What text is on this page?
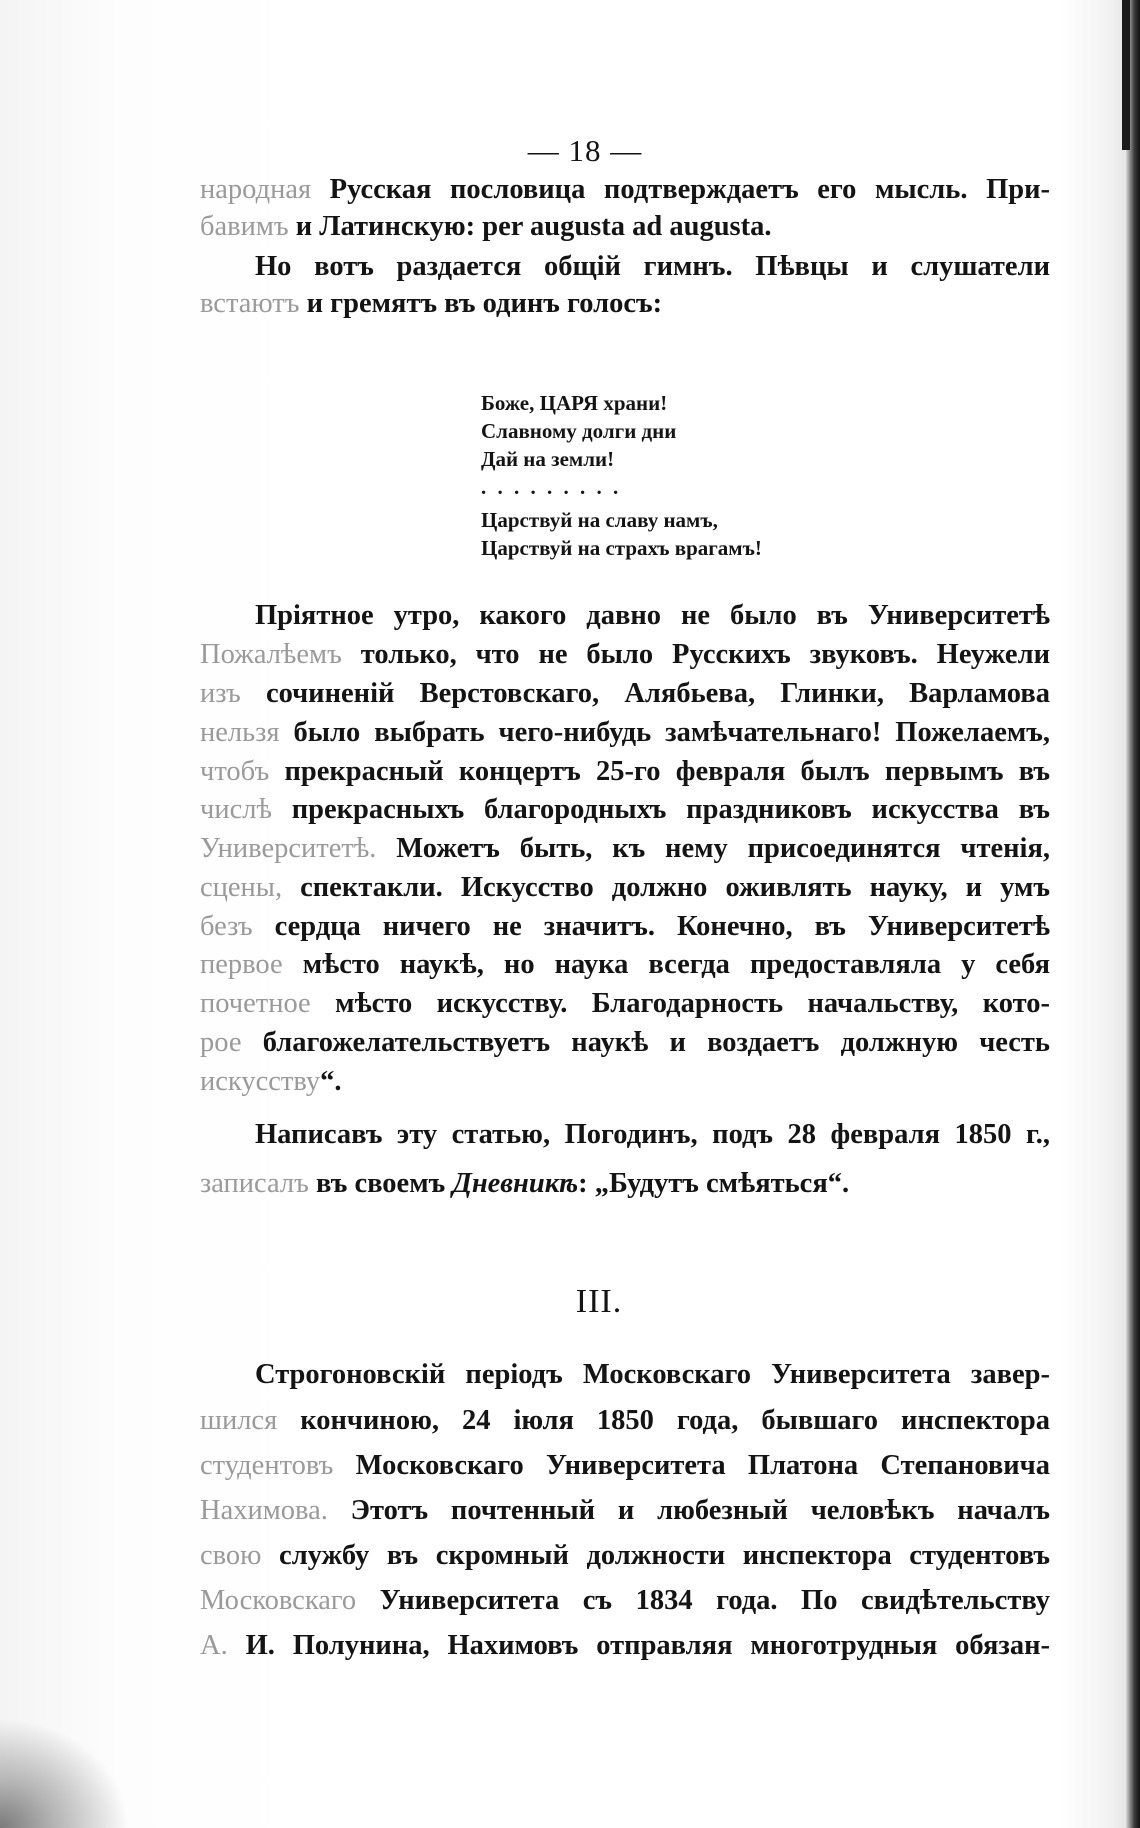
— 18 —
народная Русская пословица подтверждаетъ его мысль. При-
бавимъ и Латинскую: per augusta ad augusta.
Но вотъ раздается общій гимнъ. Пѣвцы и слушатели
встаютъ и гремятъ въ одинъ голосъ:
Боже, ЦАРЯ храни!
Славному долги дни
Дай на земли!
. . . . . . . . .
Царствуй на славу намъ,
Царствуй на страхъ врагамъ!
Пріятное утро, какого давно не было въ Университетѣ
Пожалѣемъ только, что не было Русскихъ звуковъ. Неужели
изъ сочиненій Верстовскаго, Алябьева, Глинки, Варламова
нельзя было выбрать чего-нибудь замѣчательнаго! Пожелаемъ,
чтобъ прекрасный концертъ 25-го февраля былъ первымъ въ
числѣ прекрасныхъ благородныхъ праздниковъ искусства въ
Университетѣ. Можетъ быть, къ нему присоединятся чтенія,
сцены, спектакли. Искусство должно оживлять науку, и умъ
безъ сердца ничего не значитъ. Конечно, въ Университетѣ
первое мѣсто наукѣ, но наука всегда предоставляла у себя
почетное мѣсто искусству. Благодарность начальству, кото-
рое благожелательствуетъ наукѣ и воздаетъ должную честь
искусству“.
Написавъ эту статью, Погодинъ, подъ 28 февраля 1850 г.,
записалъ въ своемъ Дневникѣ: „Будутъ смѣяться“.
III.
Строгоновскій періодъ Московскаго Университета завер-
шился кончиною, 24 іюля 1850 года, бывшаго инспектора
студентовъ Московскаго Университета Платона Степановича
Нахимова. Этотъ почтенный и любезный человѣкъ началъ
свою службу въ скромный должности инспектора студентовъ
Московскаго Университета съ 1834 года. По свидѣтельству
А. И. Полунина, Нахимовъ отправляя многотрудныя обязан-
